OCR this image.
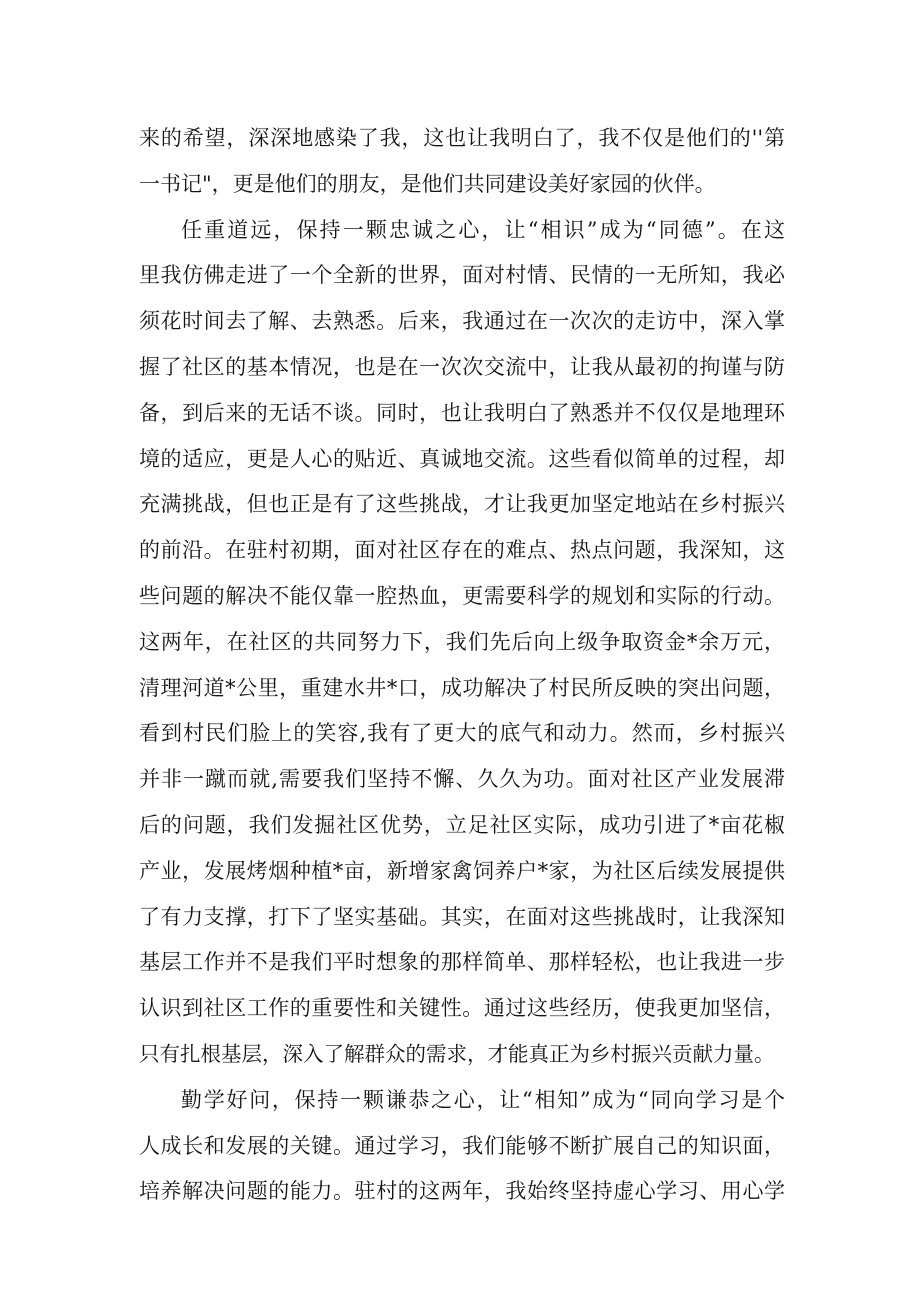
来的希望，深深地感染了我，这也让我明白了，我不仅是他们的''第
一书记"，更是他们的朋友，是他们共同建设美好家园的伙伴。
任重道远，保持一颗忠诚之心，让“相识”成为“同德”。在这
里我仿佛走进了一个全新的世界，面对村情、民情的一无所知，我必
须花时间去了解、去熟悉。后来，我通过在一次次的走访中，深入掌
握了社区的基本情况，也是在一次次交流中，让我从最初的拘谨与防
备，到后来的无话不谈。同时，也让我明白了熟悉并不仅仅是地理环
境的适应，更是人心的贴近、真诚地交流。这些看似简单的过程，却
充满挑战，但也正是有了这些挑战，才让我更加坚定地站在乡村振兴
的前沿。在驻村初期，面对社区存在的难点、热点问题，我深知，这
些问题的解决不能仅靠一腔热血，更需要科学的规划和实际的行动。
这两年，在社区的共同努力下，我们先后向上级争取资金*余万元，
清理河道*公里，重建水井*口，成功解决了村民所反映的突出问题，
看到村民们脸上的笑容,我有了更大的底气和动力。然而，乡村振兴
并非一蹴而就,需要我们坚持不懈、久久为功。面对社区产业发展滞
后的问题，我们发掘社区优势，立足社区实际，成功引进了*亩花椒
产业，发展烤烟种植*亩，新增家禽饲养户*家，为社区后续发展提供
了有力支撑，打下了坚实基础。其实，在面对这些挑战时，让我深知
基层工作并不是我们平时想象的那样简单、那样轻松，也让我进一步
认识到社区工作的重要性和关键性。通过这些经历，使我更加坚信，
只有扎根基层，深入了解群众的需求，才能真正为乡村振兴贡献力量。
勤学好问，保持一颗谦恭之心，让“相知”成为“同向学习是个
人成长和发展的关键。通过学习，我们能够不断扩展自己的知识面，
培养解决问题的能力。驻村的这两年，我始终坚持虚心学习、用心学
